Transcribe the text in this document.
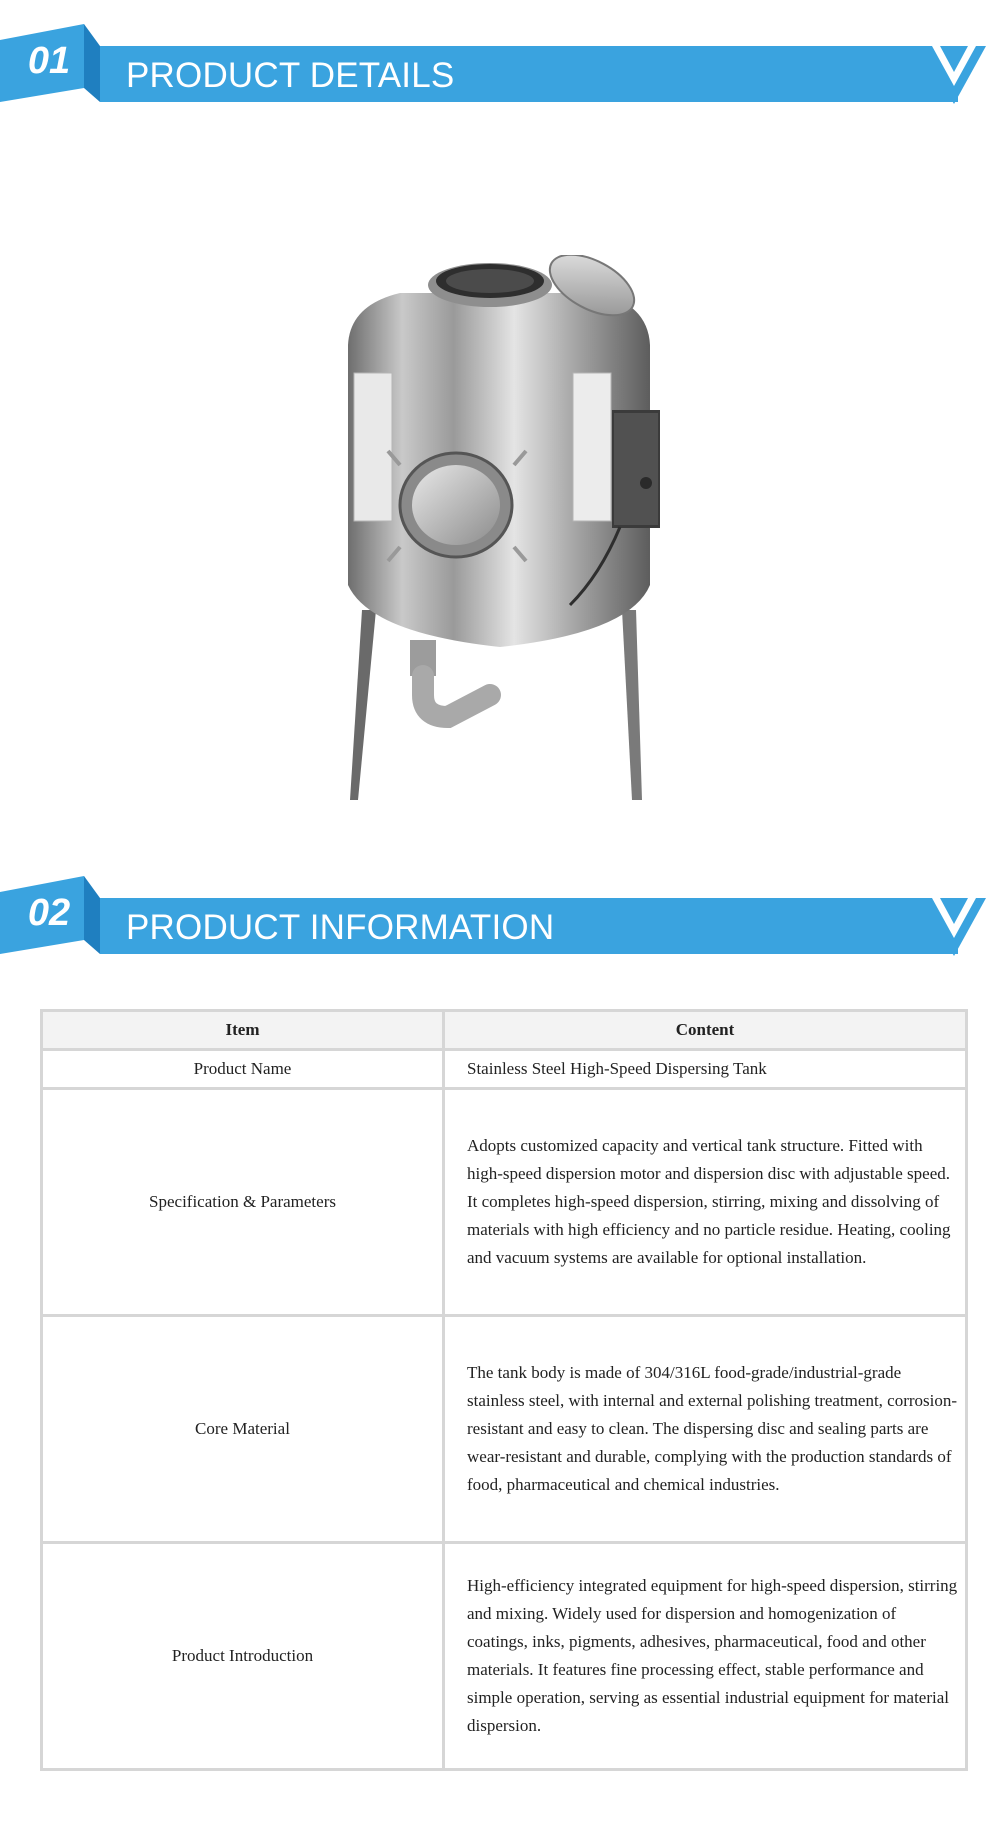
01	PRODUCT DETAILS
02	PRODUCT INFORMATION
Item	Content
Product Name	Stainless Steel High-Speed Dispersing Tank
Specification & Parameters	Adopts customized capacity and vertical tank structure. Fitted with high-speed dispersion motor and dispersion disc with adjustable speed. It completes high-speed dispersion, stirring, mixing and dissolving of materials with high efficiency and no particle residue. Heating, cooling and vacuum systems are available for optional installation.
Core Material	The tank body is made of 304/316L food-grade/industrial-grade stainless steel, with internal and external polishing treatment, corrosion-resistant and easy to clean. The dispersing disc and sealing parts are wear-resistant and durable, complying with the production standards of food, pharmaceutical and chemical industries.
Product Introduction	High-efficiency integrated equipment for high-speed dispersion, stirring and mixing. Widely used for dispersion and homogenization of coatings, inks, pigments, adhesives, pharmaceutical, food and other materials. It features fine processing effect, stable performance and simple operation, serving as essential industrial equipment for material dispersion.
